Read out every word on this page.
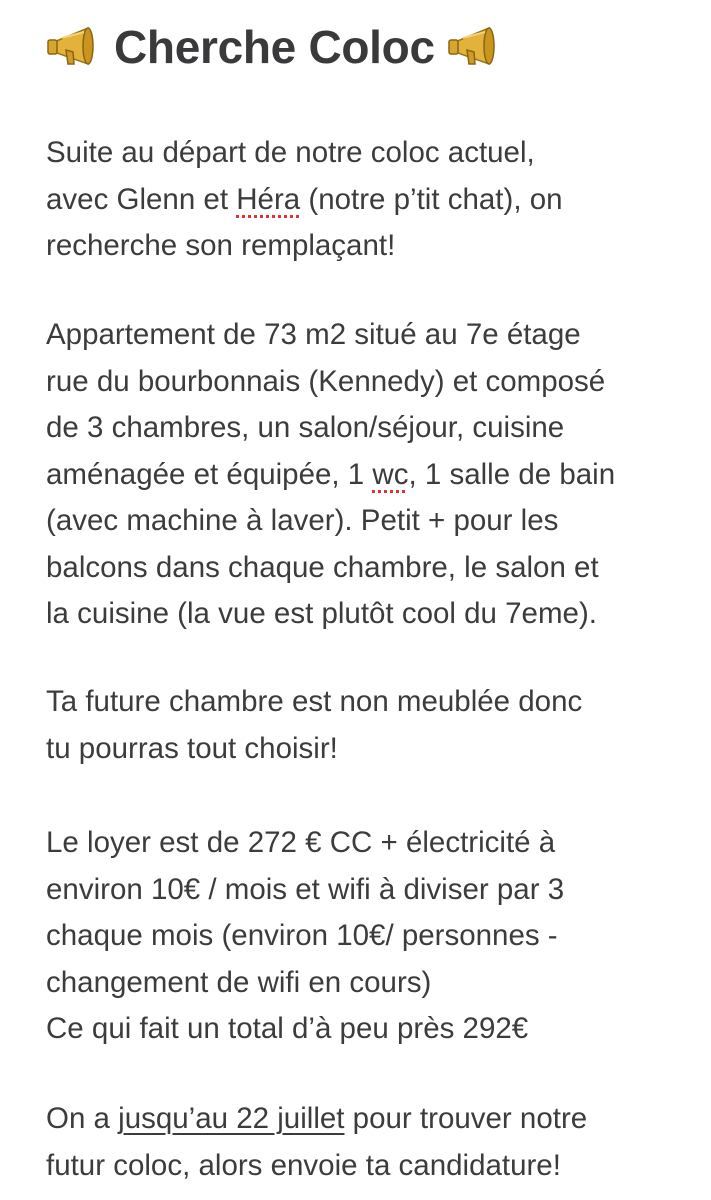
Cherche Coloc
Suite au départ de notre coloc actuel,
avec Glenn et Héra (notre p’tit chat), on
recherche son remplaçant!
Appartement de 73 m2 situé au 7e étage
rue du bourbonnais (Kennedy) et composé
de 3 chambres, un salon/séjour, cuisine
aménagée et équipée, 1 wc, 1 salle de bain
(avec machine à laver). Petit + pour les
balcons dans chaque chambre, le salon et
la cuisine (la vue est plutôt cool du 7eme).
Ta future chambre est non meublée donc
tu pourras tout choisir!
Le loyer est de 272 € CC + électricité à
environ 10€ / mois et wifi à diviser par 3
chaque mois (environ 10€/ personnes -
changement de wifi en cours)
Ce qui fait un total d’à peu près 292€
On a jusqu’au 22 juillet pour trouver notre
futur coloc, alors envoie ta candidature!
